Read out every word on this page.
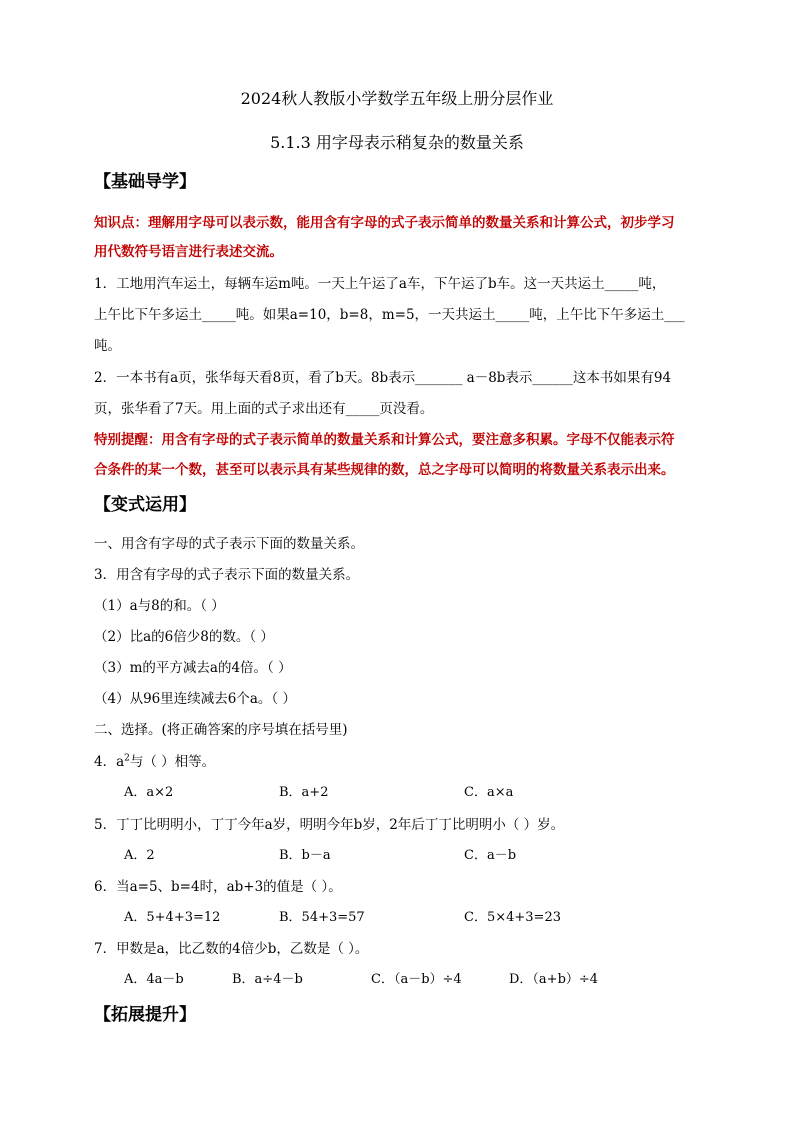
2024秋人教版小学数学五年级上册分层作业
5.1.3 用字母表示稍复杂的数量关系
【基础导学】
知识点：理解用字母可以表示数，能用含有字母的式子表示简单的数量关系和计算公式，初步学习
用代数符号语言进行表述交流。
1．工地用汽车运土，每辆车运m吨。一天上午运了a车，下午运了b车。这一天共运土_____吨，
上午比下午多运土_____吨。如果a=10，b=8，m=5，一天共运土_____吨，上午比下午多运土___
吨。
2．一本书有a页，张华每天看8页，看了b天。8b表示_______ a－8b表示______这本书如果有94
页，张华看了7天。用上面的式子求出还有_____页没看。
特别提醒：用含有字母的式子表示简单的数量关系和计算公式，要注意多积累。字母不仅能表示符
合条件的某一个数，甚至可以表示具有某些规律的数，总之字母可以简明的将数量关系表示出来。
【变式运用】
一、用含有字母的式子表示下面的数量关系。
3．用含有字母的式子表示下面的数量关系。
（1）a与8的和。（ ）
（2）比a的6倍少8的数。（ ）
（3）m的平方减去a的4倍。（ ）
（4）从96里连续减去6个a。（ ）
二、选择。(将正确答案的序号填在括号里)
4．$a^2$与（ ）相等。
A．a×2	B．a+2	C．a×a
5．丁丁比明明小，丁丁今年a岁，明明今年b岁，2年后丁丁比明明小（ ）岁。
A．2	B．b－a	C．a－b
6．当a=5、b=4时，ab+3的值是（ ）。
A．5+4+3=12	B．54+3=57	C．5×4+3=23
7．甲数是a，比乙数的4倍少b，乙数是（ ）。
A．4a－b	B．a÷4－b	C．（a－b）÷4	D．（a+b）÷4
【拓展提升】
